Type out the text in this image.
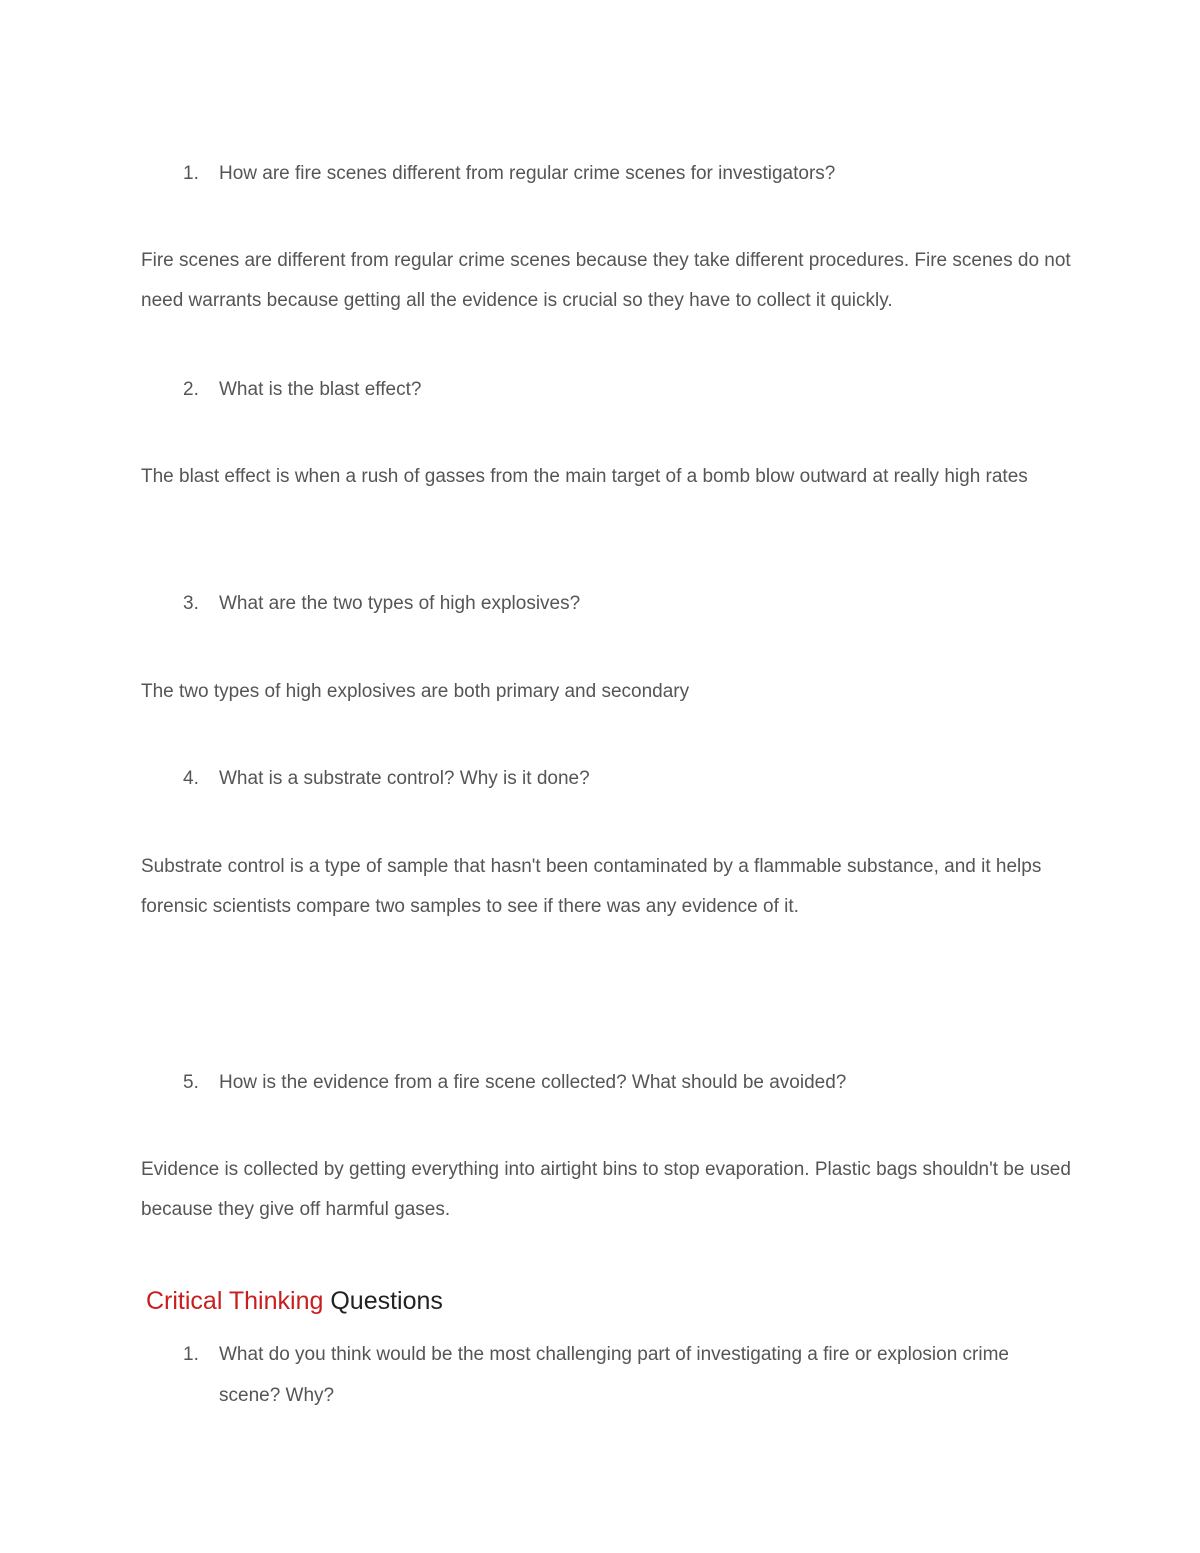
1. How are fire scenes different from regular crime scenes for investigators?
Fire scenes are different from regular crime scenes because they take different procedures. Fire scenes do not need warrants because getting all the evidence is crucial so they have to collect it quickly.
2. What is the blast effect?
The blast effect is when a rush of gasses from the main target of a bomb blow outward at really high rates
3. What are the two types of high explosives?
The two types of high explosives are both primary and secondary
4. What is a substrate control? Why is it done?
Substrate control is a type of sample that hasn't been contaminated by a flammable substance, and it helps forensic scientists compare two samples to see if there was any evidence of it.
5. How is the evidence from a fire scene collected? What should be avoided?
Evidence is collected by getting everything into airtight bins to stop evaporation. Plastic bags shouldn't be used because they give off harmful gases.
Critical Thinking Questions
1.	What do you think would be the most challenging part of investigating a fire or explosion crime scene? Why?
